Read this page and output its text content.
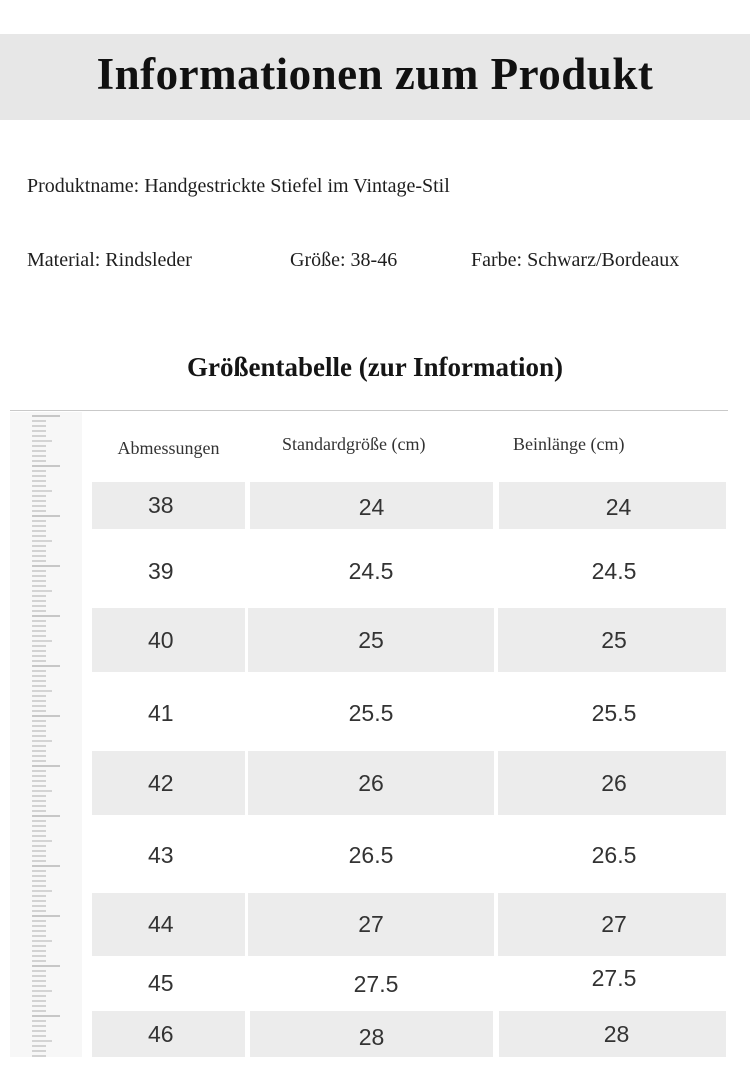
Informationen zum Produkt
Produktname: Handgestrickte Stiefel im Vintage-Stil
Material: Rindsleder	Größe: 38-46	Farbe: Schwarz/Bordeaux
Größentabelle (zur Information)
Abmessungen	Standardgröße (cm)	Beinlänge (cm)
38	24	24
39	24.5	24.5
40	25	25
41	25.5	25.5
42	26	26
43	26.5	26.5
44	27	27
45	27.5	27.5
46	28	28
